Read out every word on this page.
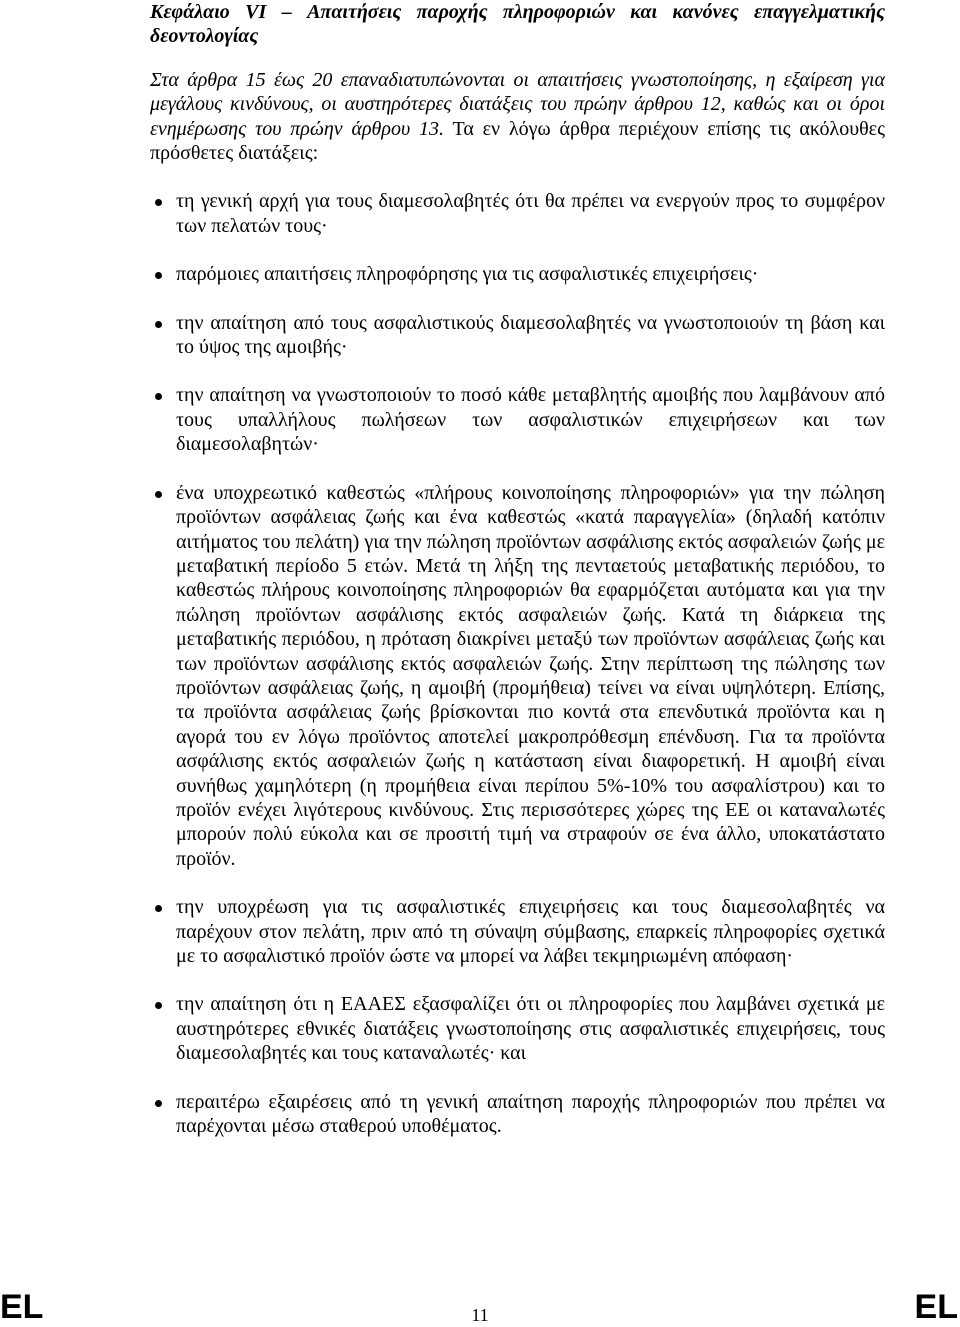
Κεφάλαιο VI – Απαιτήσεις παροχής πληροφοριών και κανόνες επαγγελματικής δεοντολογίας

Στα άρθρα 15 έως 20 επαναδιατυπώνονται οι απαιτήσεις γνωστοποίησης, η εξαίρεση για μεγάλους κινδύνους, οι αυστηρότερες διατάξεις του πρώην άρθρου 12, καθώς και οι όροι ενημέρωσης του πρώην άρθρου 13. Τα εν λόγω άρθρα περιέχουν επίσης τις ακόλουθες πρόσθετες διατάξεις:

τη γενική αρχή για τους διαμεσολαβητές ότι θα πρέπει να ενεργούν προς το συμφέρον των πελατών τους·
παρόμοιες απαιτήσεις πληροφόρησης για τις ασφαλιστικές επιχειρήσεις·
την απαίτηση από τους ασφαλιστικούς διαμεσολαβητές να γνωστοποιούν τη βάση και το ύψος της αμοιβής·
την απαίτηση να γνωστοποιούν το ποσό κάθε μεταβλητής αμοιβής που λαμβάνουν από τους υπαλλήλους πωλήσεων των ασφαλιστικών επιχειρήσεων και των διαμεσολαβητών·
ένα υποχρεωτικό καθεστώς «πλήρους κοινοποίησης πληροφοριών» για την πώληση προϊόντων ασφάλειας ζωής και ένα καθεστώς «κατά παραγγελία» (δηλαδή κατόπιν αιτήματος του πελάτη) για την πώληση προϊόντων ασφάλισης εκτός ασφαλειών ζωής με μεταβατική περίοδο 5 ετών. Μετά τη λήξη της πενταετούς μεταβατικής περιόδου, το καθεστώς πλήρους κοινοποίησης πληροφοριών θα εφαρμόζεται αυτόματα και για την πώληση προϊόντων ασφάλισης εκτός ασφαλειών ζωής. Κατά τη διάρκεια της μεταβατικής περιόδου, η πρόταση διακρίνει μεταξύ των προϊόντων ασφάλειας ζωής και των προϊόντων ασφάλισης εκτός ασφαλειών ζωής. Στην περίπτωση της πώλησης των προϊόντων ασφάλειας ζωής, η αμοιβή (προμήθεια) τείνει να είναι υψηλότερη. Επίσης, τα προϊόντα ασφάλειας ζωής βρίσκονται πιο κοντά στα επενδυτικά προϊόντα και η αγορά του εν λόγω προϊόντος αποτελεί μακροπρόθεσμη επένδυση. Για τα προϊόντα ασφάλισης εκτός ασφαλειών ζωής η κατάσταση είναι διαφορετική. Η αμοιβή είναι συνήθως χαμηλότερη (η προμήθεια είναι περίπου 5%-10% του ασφαλίστρου) και το προϊόν ενέχει λιγότερους κινδύνους. Στις περισσότερες χώρες της ΕΕ οι καταναλωτές μπορούν πολύ εύκολα και σε προσιτή τιμή να στραφούν σε ένα άλλο, υποκατάστατο προϊόν.
την υποχρέωση για τις ασφαλιστικές επιχειρήσεις και τους διαμεσολαβητές να παρέχουν στον πελάτη, πριν από τη σύναψη σύμβασης, επαρκείς πληροφορίες σχετικά με το ασφαλιστικό προϊόν ώστε να μπορεί να λάβει τεκμηριωμένη απόφαση·
την απαίτηση ότι η ΕΑΑΕΣ εξασφαλίζει ότι οι πληροφορίες που λαμβάνει σχετικά με αυστηρότερες εθνικές διατάξεις γνωστοποίησης στις ασφαλιστικές επιχειρήσεις, τους διαμεσολαβητές και τους καταναλωτές· και
περαιτέρω εξαιρέσεις από τη γενική απαίτηση παροχής πληροφοριών που πρέπει να παρέχονται μέσω σταθερού υποθέματος.
EL	11	EL
